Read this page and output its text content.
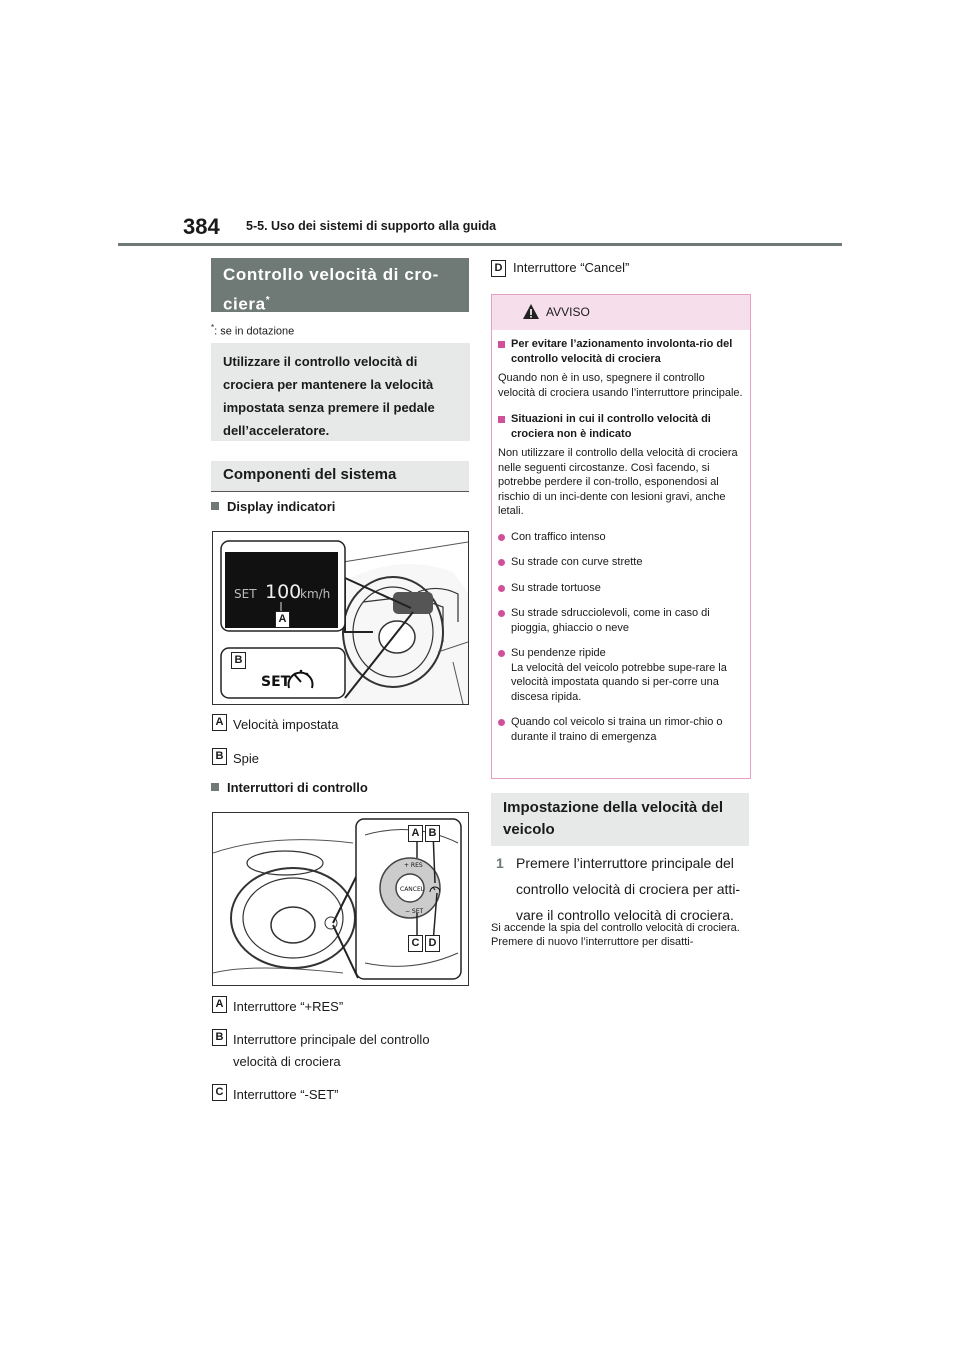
384 5-5. Uso dei sistemi di supporto alla guida
Controllo velocità di cro-
ciera*
*: se in dotazione
Utilizzare il controllo velocità di crociera per mantenere la velocità impostata senza premere il pedale dell’acceleratore.
Componenti del sistema
Display indicatori
SET 100
km/h
SET
A
B
A Velocità impostata
B Spie
Interruttori di controllo
CANCEL
+ RES
− SET
A B
C D
A Interruttore “+RES”
B Interruttore principale del controllo velocità di crociera
C Interruttore “-SET”
D Interruttore “Cancel”
AVVISO
Per evitare l’azionamento involonta-rio del controllo velocità di crociera

Quando non è in uso, spegnere il controllo velocità di crociera usando l’interruttore principale.

Situazioni in cui il controllo velocità di crociera non è indicato

Non utilizzare il controllo della velocità di crociera nelle seguenti circostanze. Così facendo, si potrebbe perdere il con-trollo, esponendosi al rischio di un inci-dente con lesioni gravi, anche letali.

Con traffico intenso
Su strade con curve strette
Su strade tortuose
Su strade sdrucciolevoli, come in caso di pioggia, ghiaccio o neve
Su pendenze ripide
La velocità del veicolo potrebbe supe-rare la velocità impostata quando si per-corre una discesa ripida.
Quando col veicolo si traina un rimor-chio o durante il traino di emergenza
Impostazione della velocità del veicolo
1 Premere l’interruttore principale del controllo velocità di crociera per atti-vare il controllo velocità di crociera.
Si accende la spia del controllo velocità di crociera. Premere di nuovo l’interruttore per disatti-
